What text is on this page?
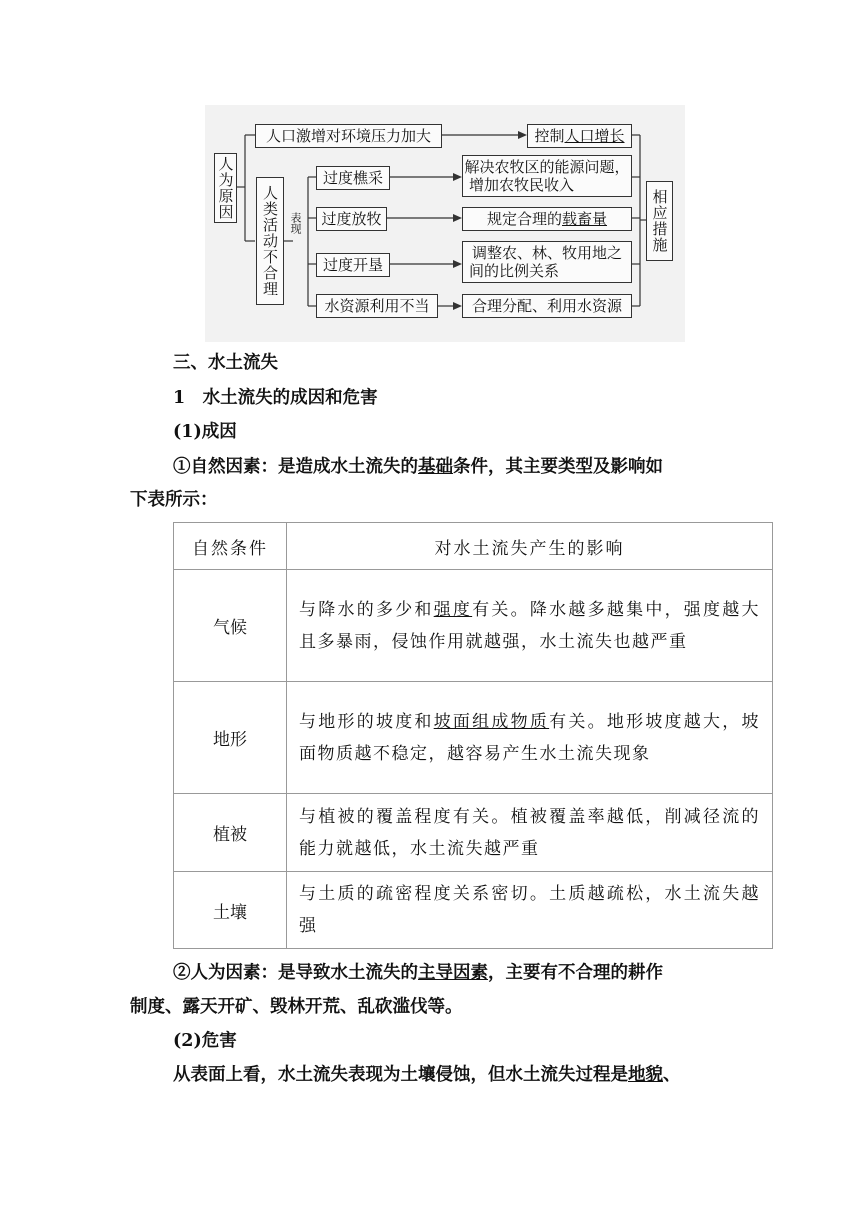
人为原因
人口激增对环境压力加大
人类活动不合理 表现
过度樵采
过度放牧
过度开垦
水资源利用不当
控制 人口增长
解决农牧区的能源问题，
增加农牧民收入
规定合理的 载畜量
调整农、林、牧用地之
间的比例关系
合理分配、利用水资源
相应措施
三、水土流失
1　水土流失的成因和危害
(1)成因
①自然因素：是造成水土流失的基础条件，其主要类型及影响如
下表所示：
自然条件	对水土流失产生的影响
气候	与降水的多少和强度有关。降水越多越集中，强度越大且多暴雨，侵蚀作用就越强，水土流失也越严重
地形	与地形的坡度和坡面组成物质有关。地形坡度越大，坡面物质越不稳定，越容易产生水土流失现象
植被	与植被的覆盖程度有关。植被覆盖率越低，削减径流的能力就越低，水土流失越严重
土壤	与土质的疏密程度关系密切。土质越疏松，水土流失越强
②人为因素：是导致水土流失的主导因素，主要有不合理的耕作
制度、露天开矿、毁林开荒、乱砍滥伐等。
(2)危害
从表面上看，水土流失表现为土壤侵蚀，但水土流失过程是地貌、
